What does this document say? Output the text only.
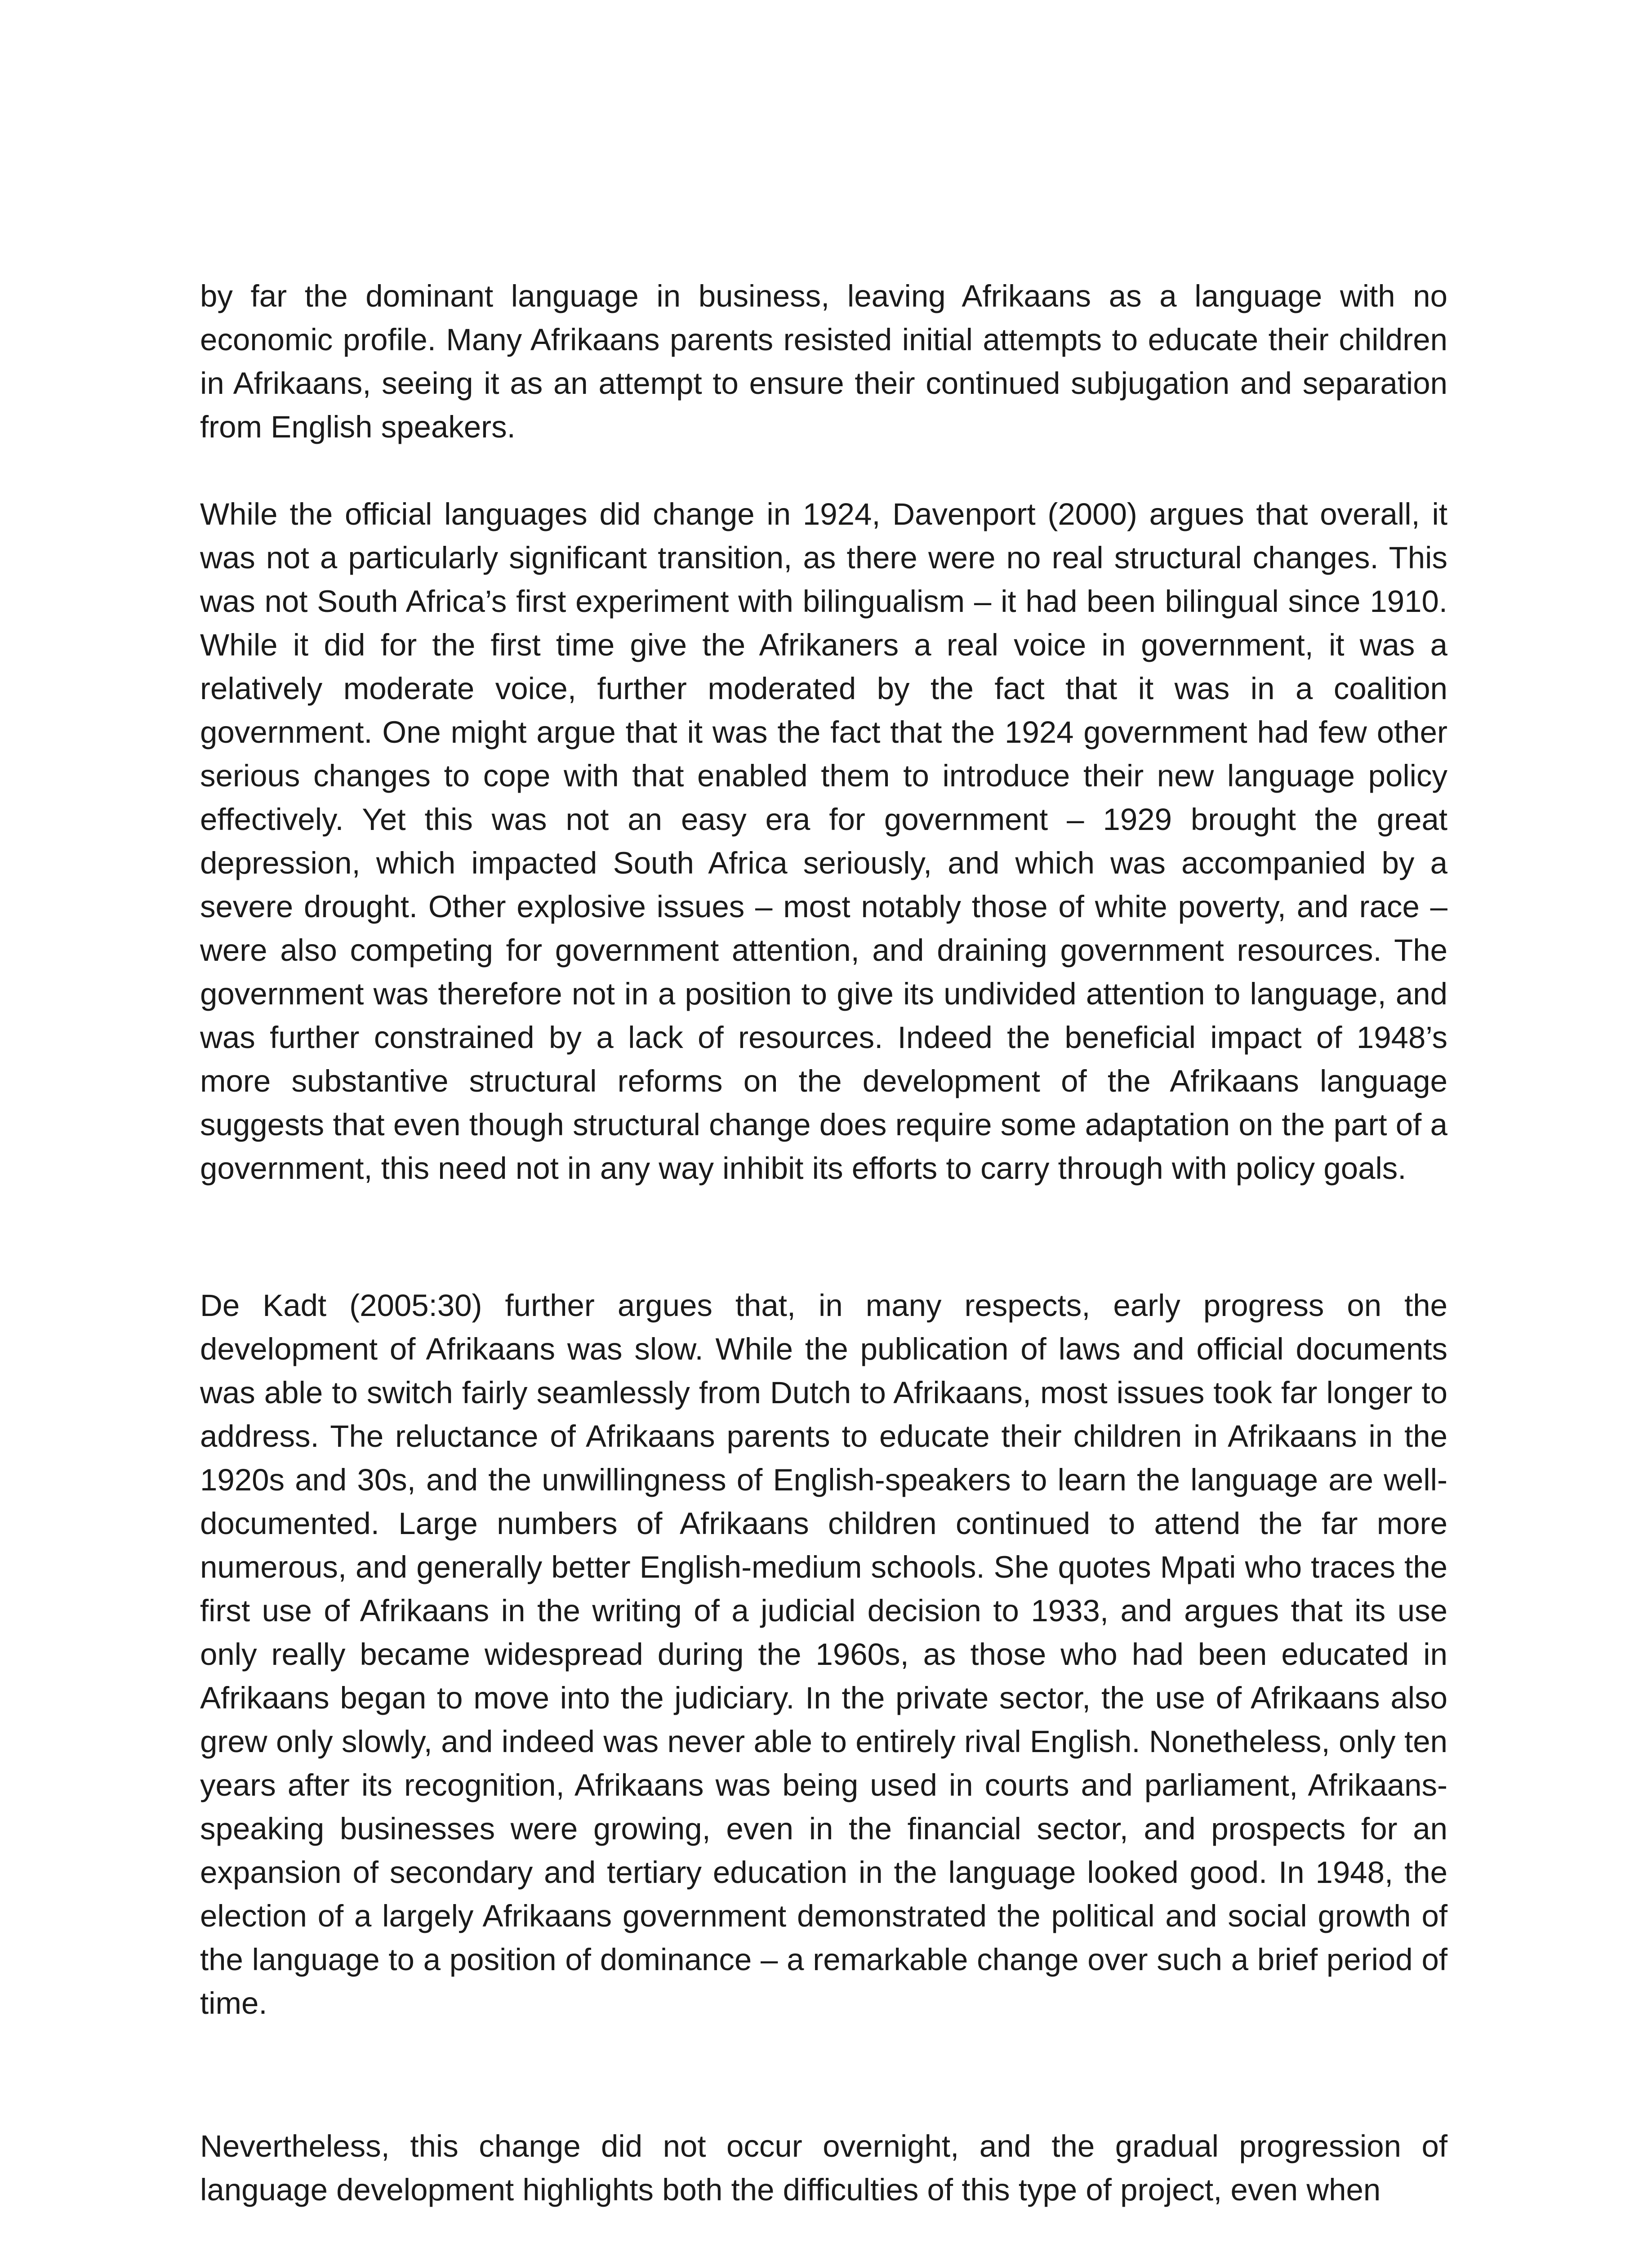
by far the dominant language in business, leaving Afrikaans as a language with no economic profile. Many Afrikaans parents resisted initial attempts to educate their children in Afrikaans, seeing it as an attempt to ensure their continued subjugation and separation from English speakers.

While the official languages did change in 1924, Davenport (2000) argues that overall, it was not a particularly significant transition, as there were no real structural changes. This was not South Africa’s first experiment with bilingualism – it had been bilingual since 1910. While it did for the first time give the Afrikaners a real voice in government, it was a relatively moderate voice, further moderated by the fact that it was in a coalition government. One might argue that it was the fact that the 1924 government had few other serious changes to cope with that enabled them to introduce their new language policy effectively. Yet this was not an easy era for government – 1929 brought the great depression, which impacted South Africa seriously, and which was accompanied by a severe drought. Other explosive issues – most notably those of white poverty, and race – were also competing for government attention, and draining government resources. The government was therefore not in a position to give its undivided attention to language, and was further constrained by a lack of resources. Indeed the beneficial impact of 1948’s more substantive structural reforms on the development of the Afrikaans language suggests that even though structural change does require some adaptation on the part of a government, this need not in any way inhibit its efforts to carry through with policy goals.

De Kadt (2005:30) further argues that, in many respects, early progress on the development of Afrikaans was slow. While the publication of laws and official documents was able to switch fairly seamlessly from Dutch to Afrikaans, most issues took far longer to address. The reluctance of Afrikaans parents to educate their children in Afrikaans in the 1920s and 30s, and the unwillingness of English-speakers to learn the language are well-documented. Large numbers of Afrikaans children continued to attend the far more numerous, and generally better English-medium schools. She quotes Mpati who traces the first use of Afrikaans in the writing of a judicial decision to 1933, and argues that its use only really became widespread during the 1960s, as those who had been educated in Afrikaans began to move into the judiciary. In the private sector, the use of Afrikaans also grew only slowly, and indeed was never able to entirely rival English. Nonetheless, only ten years after its recognition, Afrikaans was being used in courts and parliament, Afrikaans-speaking businesses were growing, even in the financial sector, and prospects for an expansion of secondary and tertiary education in the language looked good. In 1948, the election of a largely Afrikaans government demonstrated the political and social growth of the language to a position of dominance – a remarkable change over such a brief period of time.

Nevertheless, this change did not occur overnight, and the gradual progression of language development highlights both the difficulties of this type of project, even when
